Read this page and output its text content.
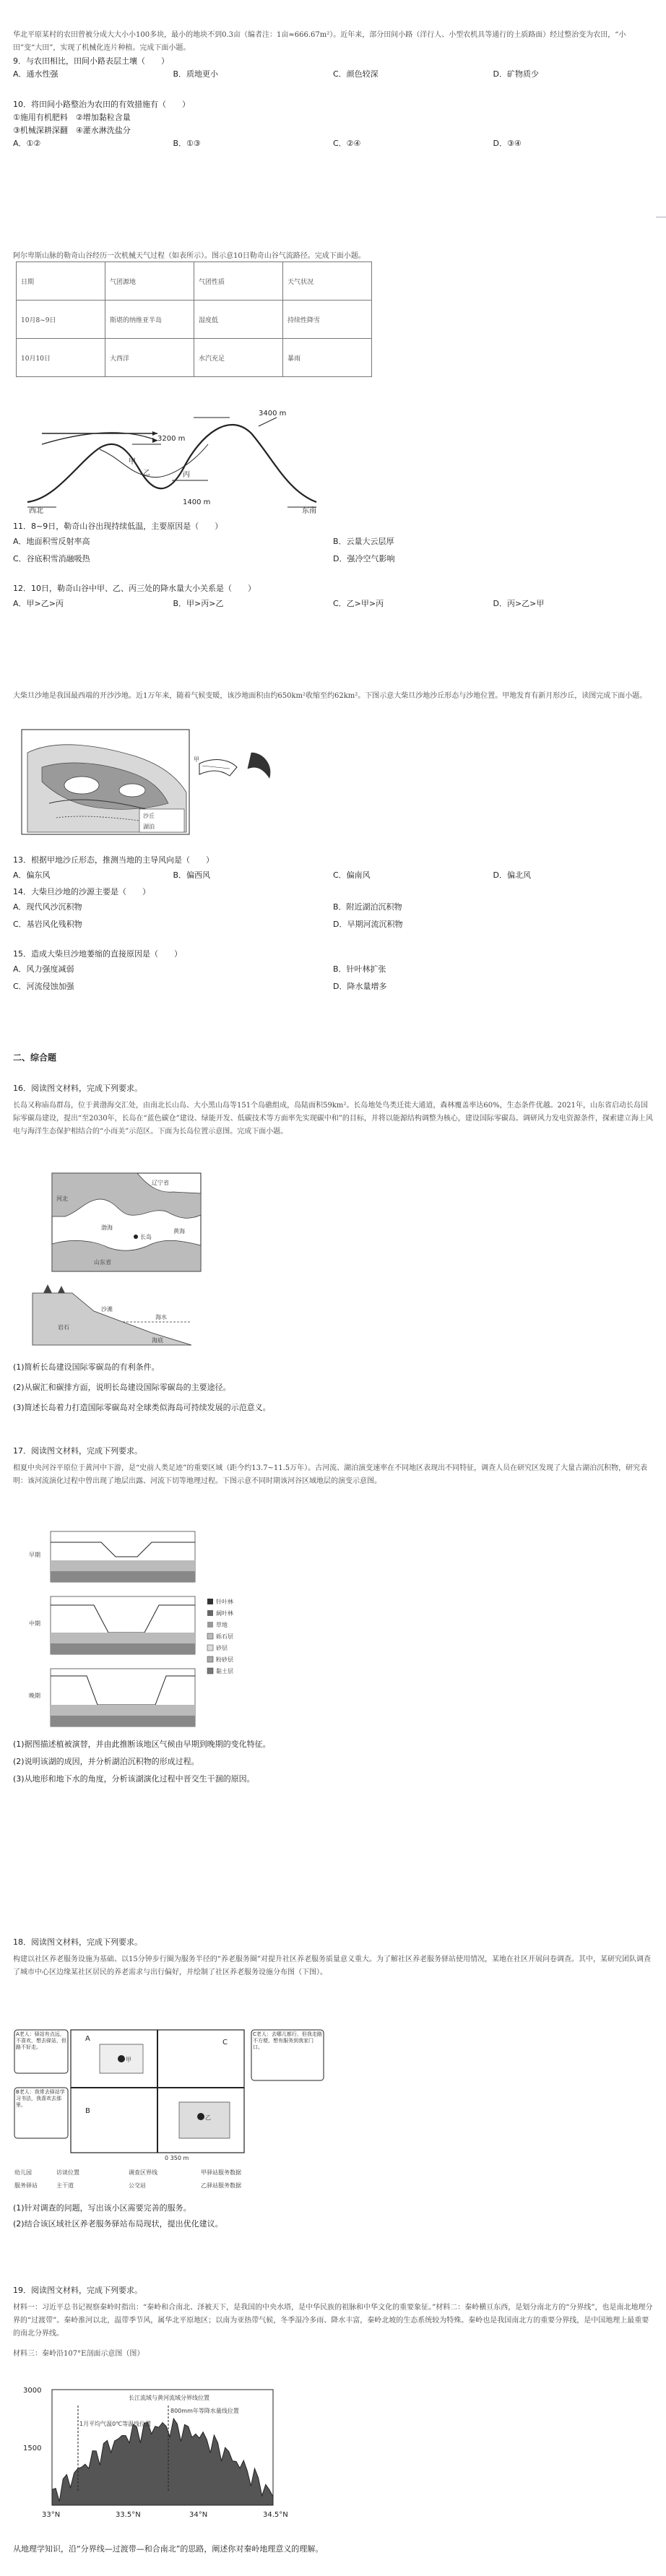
华北平原某村的农田曾被分成大大小小100多块，最小的地块不到0.3亩（编者注：1亩≈666.67m²）。近年来，部分田间小路（洋行人、小型农机具等通行的土质路面）经过整治变为农田，“小田”变“大田”，实现了机械化连片种植。完成下面小题。

9．与农田相比，田间小路表层土壤（　　）

A．通水性强	B．质地更小	C．颜色较深	D．矿物质少

10．将田间小路整治为农田的有效措施有（　　）

①施用有机肥料　②增加黏粒含量

③机械深耕深翻　④灌水淋洗盐分

A．①②	B．①③	C．②④	D．③④

阿尔卑斯山脉的勒奇山谷经历一次机械天气过程（如表所示）。图示意10日勒奇山谷气流路径。完成下面小题。

日期	气团源地	气团性质	天气状况
10月8~9日	斯堪的纳维亚半岛	湿度低	持续性降雪
10月10日	大西洋	水汽充足	暴雨
3200 m
3400 m
1400 m
甲
乙	丙
西北	东南

11．8~9日，勒奇山谷出现持续低温，主要原因是（　　）

A．地面积雪反射率高	B．云量大云层厚
C．谷底积雪消融吸热	D．强冷空气影响

12．10日，勒奇山谷中甲、乙、丙三处的降水量大小关系是（　　）

A．甲>乙>丙	B．甲>丙>乙	C．乙>甲>丙	D．丙>乙>甲

大柴旦沙地是我国最西端的开沙沙地。近1万年来，随着气候变暖，该沙地面积由约650km²收缩至约62km²。下图示意大柴旦沙地沙丘形态与沙地位置。甲地发育有新月形沙丘，读图完成下面小题。

沙丘
湖泊
甲

13．根据甲地沙丘形态，推测当地的主导风向是（　　）

A．偏东风	B．偏西风	C．偏南风	D．偏北风

14．大柴旦沙地的沙源主要是（　　）

A．现代风沙沉积物	B．附近湖泊沉积物
C．基岩风化残积物	D．早期河流沉积物

15．造成大柴旦沙地萎缩的直接原因是（　　）

A．风力强度减弱	B．针叶林扩张
C．河流侵蚀加强	D．降水量增多

二、综合题

16．阅读图文材料，完成下列要求。

长岛又称庙岛群岛，位于黄渤海交汇处，由南北长山岛、大小黑山岛等151个岛礁组成，岛陆面积59km²。长岛地处鸟类迁徙大通道，森林覆盖率达60%，生态条件优越。2021年，山东省启动长岛国际零碳岛建设，提出“至2030年，长岛在“蓝色碳仓”建设、绿能开发、低碳技术等方面率先实现碳中和”的目标，并将以能源结构调整为核心，建设国际零碳岛。调研风力发电资源条件，探索建立海上风电与海洋生态保护相结合的“小而美”示范区。下面为长岛位置示意图。完成下面小题。

辽宁省
黄海
渤海
河北
山东省
长岛
海水
沙滩
岩石
海底

(1)简析长岛建设国际零碳岛的有利条件。

(2)从碳汇和碳排方面，说明长岛建设国际零碳岛的主要途径。

(3)简述长岛着力打造国际零碳岛对全球类似海岛可持续发展的示范意义。

17．阅读图文材料，完成下列要求。

相夏中央河谷平原位于黄河中下游，是“史前人类足迹”的重要区域（距今约13.7~11.5万年）。古河流、湖泊演变速率在不同地区表现出不同特征，调查人员在研究区发现了大量古湖泊沉积物，研究表明：该河流演化过程中曾出现了地层出露、河流下切等地理过程。下图示意不同时期该河谷区域地层的演变示意图。

早期
中期
晚期
针叶林
阔叶林
草地
砾石层
砂层
粉砂层
黏土层

(1)据图描述植被演替，并由此推断该地区气候由早期到晚期的变化特征。

(2)说明该湖的成因，并分析湖泊沉积物的形成过程。

(3)从地形和地下水的角度，分析该湖演化过程中晋交生干涸的原因。

18．阅读图文材料，完成下列要求。

构建以社区养老服务设施为基础、以15分钟步行圈为服务半径的“养老服务圈”对提升社区养老服务质量意义重大。为了解社区养老服务驿站使用情况，某地在社区开展问卷调查。其中，某研究团队调查了城市中心区边缘某社区居民的养老需求与出行偏好，并绘制了社区养老服务设施分布图（下图）。

A
B
C
甲
乙
A老人：驿站有点远，不喜欢，想去驿站，但路不好走。
B老人：我常去驿站学习书法，我喜欢去那里。
C老人：去哪儿都行，但我走路不方便，想有服务到我家门口。
0 350 m
幼儿园	访谈位置	调查区界线	甲驿站服务数据
服务驿站	主干道	公交站	乙驿站服务数据

(1)针对调查的问题，写出该小区需要完善的服务。

(2)结合该区域社区养老服务驿站布局现状，提出优化建议。

19．阅读图文材料，完成下列要求。

材料一：习近平总书记视察秦岭时指出：“秦岭和合南北、泽被天下，是我国的中央水塔，是中华民族的祖脉和中华文化的重要象征。”材料二：秦岭横亘东西，是划分南北方的“分界线”，也是南北地理分界的“过渡带”。秦岭淮河以北，温带季节风，属华北平原地区；以南为亚热带气候，冬季湿冷多雨、降水丰富，秦岭北坡的生态系统较为特殊。秦岭也是我国南北方的重要分界线，是中国地理上最重要的南北分界线。

材料三：秦岭沿107°E剖面示意图（图）

长江流域与黄河流域分界线位置
1500
3000
33°N	33.5°N	34°N	34.5°N
1月平均气温0℃等温线位置
800mm年等降水量线位置

从地理学知识，沿“分界线—过渡带—和合南北”的思路，阐述你对秦岭地理意义的理解。
